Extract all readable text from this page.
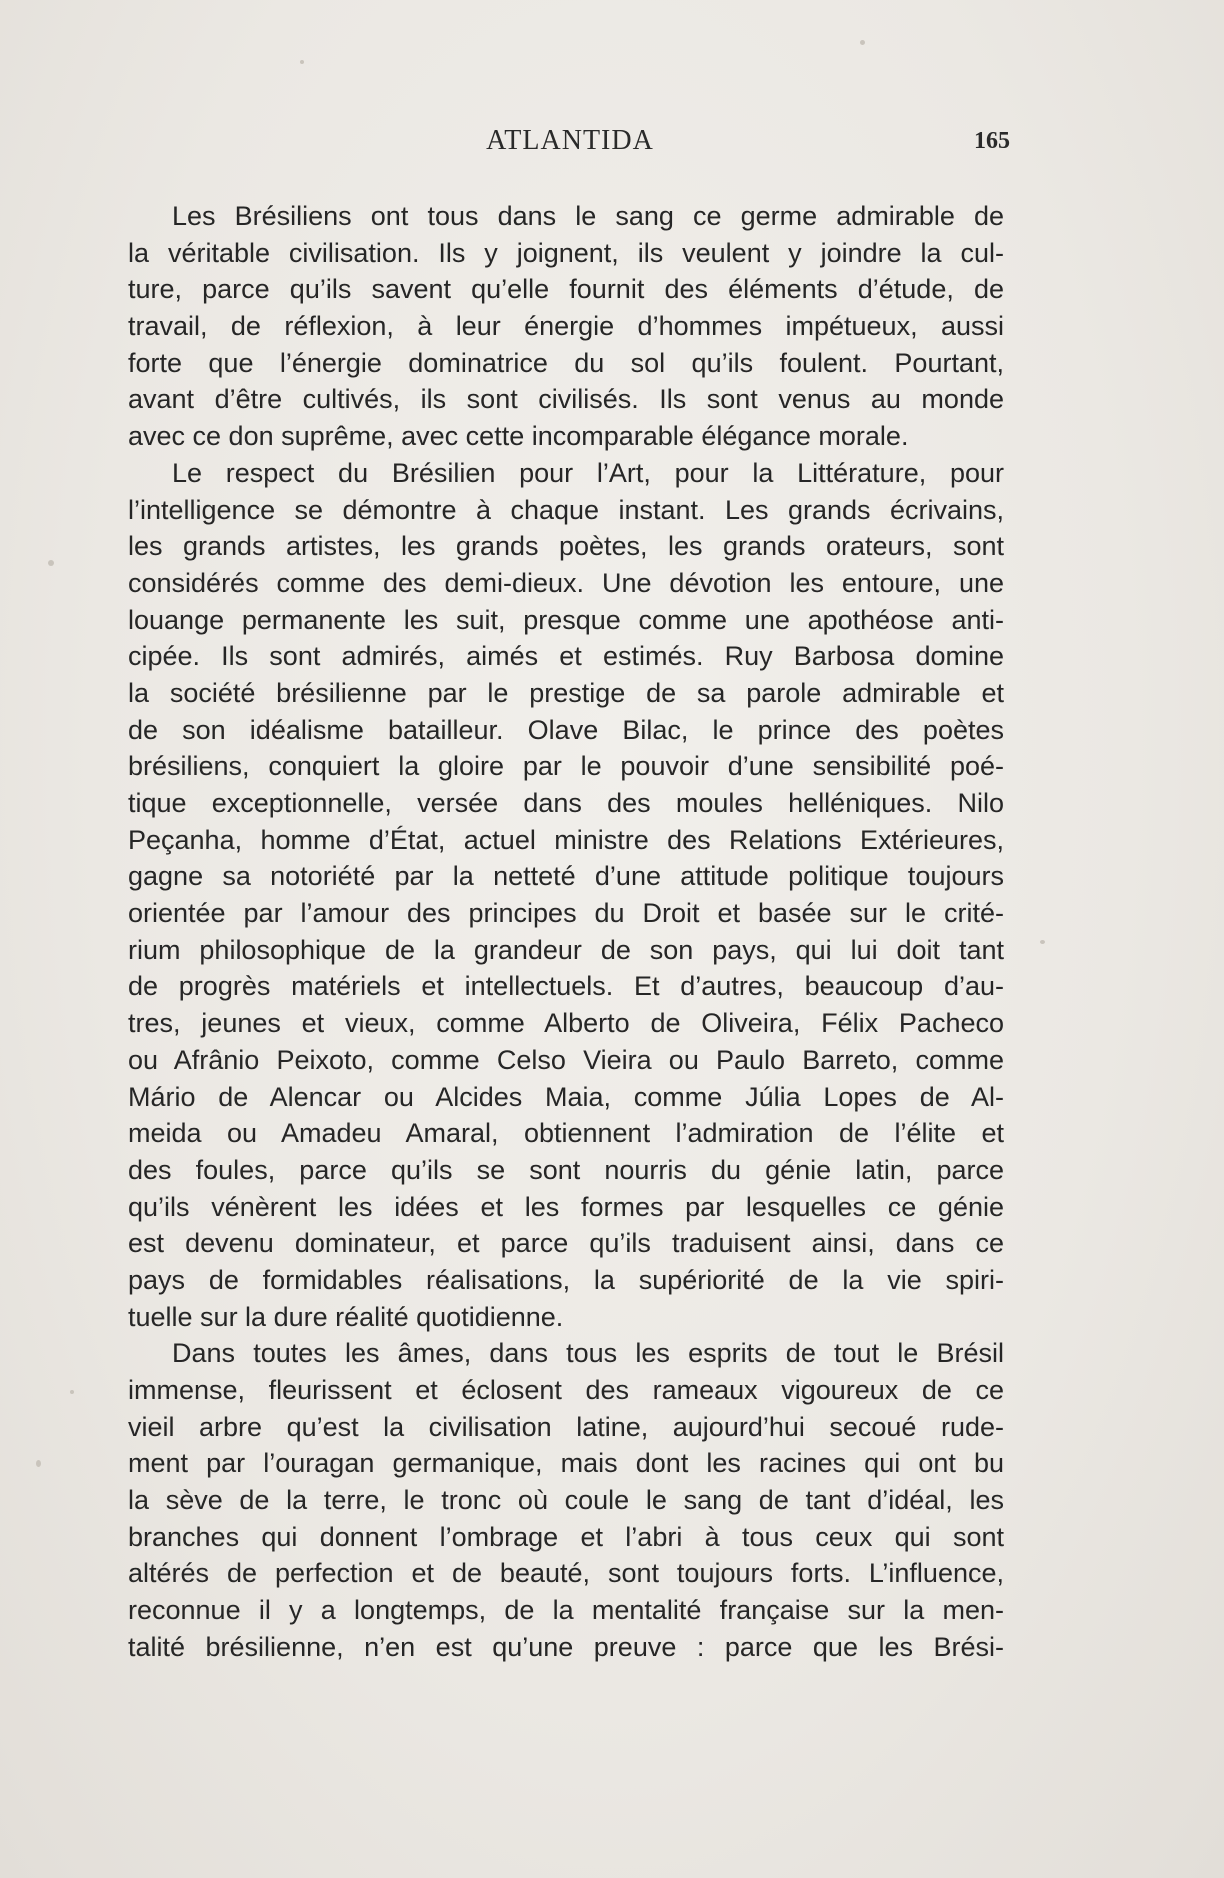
ATLANTIDA	165
Les Brésiliens ont tous dans le sang ce germe admirable de
la véritable civilisation. Ils y joignent, ils veulent y joindre la cul-
ture, parce qu’ils savent qu’elle fournit des éléments d’étude, de
travail, de réflexion, à leur énergie d’hommes impétueux, aussi
forte que l’énergie dominatrice du sol qu’ils foulent. Pourtant,
avant d’être cultivés, ils sont civilisés. Ils sont venus au monde
avec ce don suprême, avec cette incomparable élégance morale.
Le respect du Brésilien pour l’Art, pour la Littérature, pour
l’intelligence se démontre à chaque instant. Les grands écrivains,
les grands artistes, les grands poètes, les grands orateurs, sont
considérés comme des demi-dieux. Une dévotion les entoure, une
louange permanente les suit, presque comme une apothéose anti-
cipée. Ils sont admirés, aimés et estimés. Ruy Barbosa domine
la société brésilienne par le prestige de sa parole admirable et
de son idéalisme batailleur. Olave Bilac, le prince des poètes
brésiliens, conquiert la gloire par le pouvoir d’une sensibilité poé-
tique exceptionnelle, versée dans des moules helléniques. Nilo
Peçanha, homme d’État, actuel ministre des Relations Extérieures,
gagne sa notoriété par la netteté d’une attitude politique toujours
orientée par l’amour des principes du Droit et basée sur le crité-
rium philosophique de la grandeur de son pays, qui lui doit tant
de progrès matériels et intellectuels. Et d’autres, beaucoup d’au-
tres, jeunes et vieux, comme Alberto de Oliveira, Félix Pacheco
ou Afrânio Peixoto, comme Celso Vieira ou Paulo Barreto, comme
Mário de Alencar ou Alcides Maia, comme Júlia Lopes de Al-
meida ou Amadeu Amaral, obtiennent l’admiration de l’élite et
des foules, parce qu’ils se sont nourris du génie latin, parce
qu’ils vénèrent les idées et les formes par lesquelles ce génie
est devenu dominateur, et parce qu’ils traduisent ainsi, dans ce
pays de formidables réalisations, la supériorité de la vie spiri-
tuelle sur la dure réalité quotidienne.
Dans toutes les âmes, dans tous les esprits de tout le Brésil
immense, fleurissent et éclosent des rameaux vigoureux de ce
vieil arbre qu’est la civilisation latine, aujourd’hui secoué rude-
ment par l’ouragan germanique, mais dont les racines qui ont bu
la sève de la terre, le tronc où coule le sang de tant d’idéal, les
branches qui donnent l’ombrage et l’abri à tous ceux qui sont
altérés de perfection et de beauté, sont toujours forts. L’influence,
reconnue il y a longtemps, de la mentalité française sur la men-
talité brésilienne, n’en est qu’une preuve : parce que les Brési-
